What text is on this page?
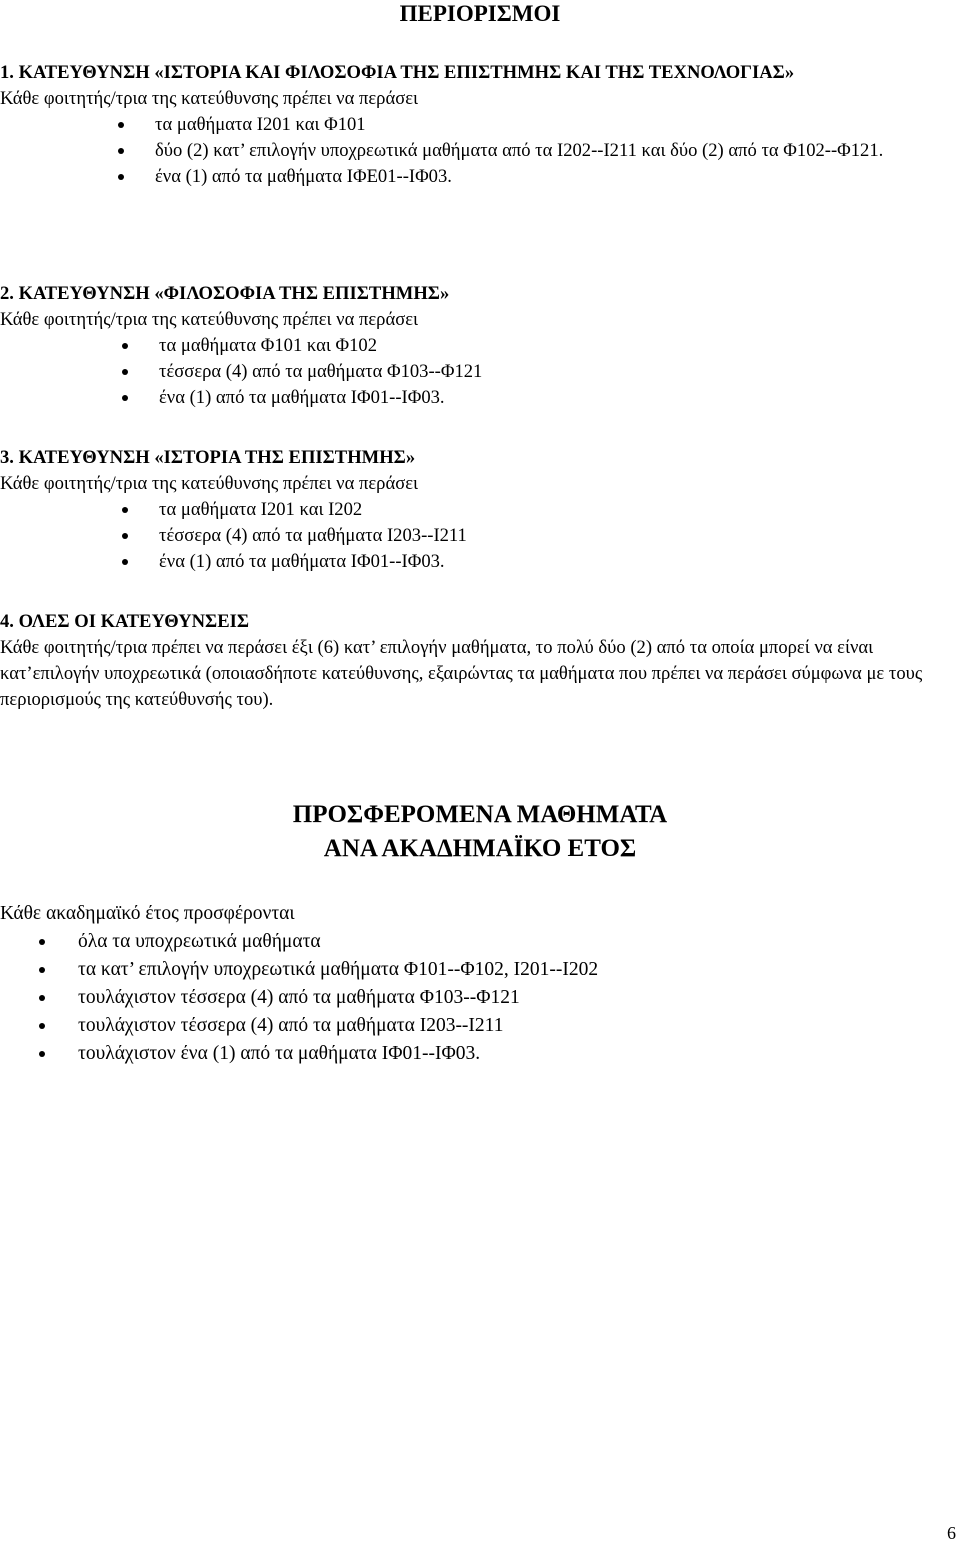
ΠΕΡΙΟΡΙΣΜΟΙ

1. ΚΑΤΕΥΘΥΝΣΗ «ΙΣΤΟΡΙΑ ΚΑΙ ΦΙΛΟΣΟΦΙΑ ΤΗΣ ΕΠΙΣΤΗΜΗΣ ΚΑΙ ΤΗΣ ΤΕΧΝΟΛΟΓΙΑΣ»

Κάθε φοιτητής/τρια της κατεύθυνσης πρέπει να περάσει

τα μαθήματα Ι201 και Φ101
δύο (2) κατ’ επιλογήν υποχρεωτικά μαθήματα από τα Ι202--Ι211 και δύο (2) από τα Φ102--Φ121.
ένα (1) από τα μαθήματα ΙΦΕ01--ΙΦ03.

2. ΚΑΤΕΥΘΥΝΣΗ «ΦΙΛΟΣΟΦΙΑ ΤΗΣ ΕΠΙΣΤΗΜΗΣ»

Κάθε φοιτητής/τρια της κατεύθυνσης πρέπει να περάσει

τα μαθήματα Φ101 και Φ102
τέσσερα (4) από τα μαθήματα Φ103--Φ121
ένα (1) από τα μαθήματα ΙΦ01--ΙΦ03.

3. ΚΑΤΕΥΘΥΝΣΗ «ΙΣΤΟΡΙΑ ΤΗΣ ΕΠΙΣΤΗΜΗΣ»

Κάθε φοιτητής/τρια της κατεύθυνσης πρέπει να περάσει

τα μαθήματα Ι201 και Ι202
τέσσερα (4) από τα μαθήματα Ι203--Ι211
ένα (1) από τα μαθήματα ΙΦ01--ΙΦ03.

4. ΟΛΕΣ ΟΙ ΚΑΤΕΥΘΥΝΣΕΙΣ

Κάθε φοιτητής/τρια πρέπει να περάσει έξι (6) κατ’ επιλογήν μαθήματα, το πολύ δύο (2) από τα οποία μπορεί να είναι κατ’επιλογήν υποχρεωτικά (οποιασδήποτε κατεύθυνσης, εξαιρώντας τα μαθήματα που πρέπει να περάσει σύμφωνα με τους περιορισμούς της κατεύθυνσής του).

ΠΡΟΣΦΕΡΟΜΕΝΑ ΜΑΘΗΜΑΤΑ
ΑΝΑ ΑΚΑΔΗΜΑΪΚΟ ΕΤΟΣ

Κάθε ακαδημαϊκό έτος προσφέρονται

όλα τα υποχρεωτικά μαθήματα
τα κατ’ επιλογήν υποχρεωτικά μαθήματα Φ101--Φ102, Ι201--Ι202
τουλάχιστον τέσσερα (4) από τα μαθήματα Φ103--Φ121
τουλάχιστον τέσσερα (4) από τα μαθήματα Ι203--Ι211
τουλάχιστον ένα (1) από τα μαθήματα ΙΦ01--ΙΦ03.
6
